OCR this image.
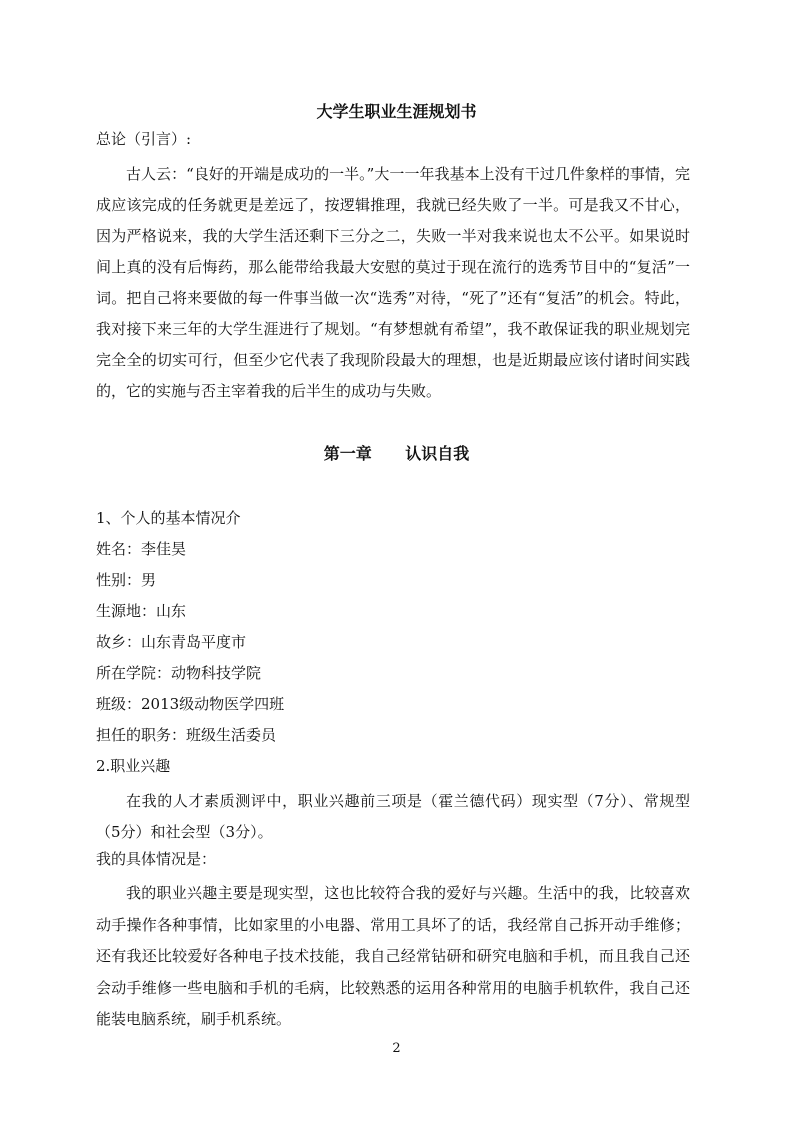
大学生职业生涯规划书
总论（引言）:
古人云：“良好的开端是成功的一半。”大一一年我基本上没有干过几件象样的事情，完成应该完成的任务就更是差远了，按逻辑推理，我就已经失败了一半。可是我又不甘心，因为严格说来，我的大学生活还剩下三分之二，失败一半对我来说也太不公平。如果说时间上真的没有后悔药，那么能带给我最大安慰的莫过于现在流行的选秀节目中的“复活”一词。把自己将来要做的每一件事当做一次“选秀”对待，“死了”还有“复活”的机会。特此，我对接下来三年的大学生涯进行了规划。“有梦想就有希望”，我不敢保证我的职业规划完完全全的切实可行，但至少它代表了我现阶段最大的理想，也是近期最应该付诸时间实践的，它的实施与否主宰着我的后半生的成功与失败。
第一章      认识自我
1、个人的基本情况介
姓名：李佳昊
性别：男
生源地：山东
故乡：山东青岛平度市
所在学院：动物科技学院
班级：2013级动物医学四班
担任的职务：班级生活委员
2.职业兴趣
在我的人才素质测评中，职业兴趣前三项是（霍兰德代码）现实型（7分）、常规型（5分）和社会型（3分）。
我的具体情况是：
我的职业兴趣主要是现实型，这也比较符合我的爱好与兴趣。生活中的我，比较喜欢动手操作各种事情，比如家里的小电器、常用工具坏了的话，我经常自己拆开动手维修；还有我还比较爱好各种电子技术技能，我自己经常钻研和研究电脑和手机，而且我自己还会动手维修一些电脑和手机的毛病，比较熟悉的运用各种常用的电脑手机软件，我自己还能装电脑系统，刷手机系统。
2
